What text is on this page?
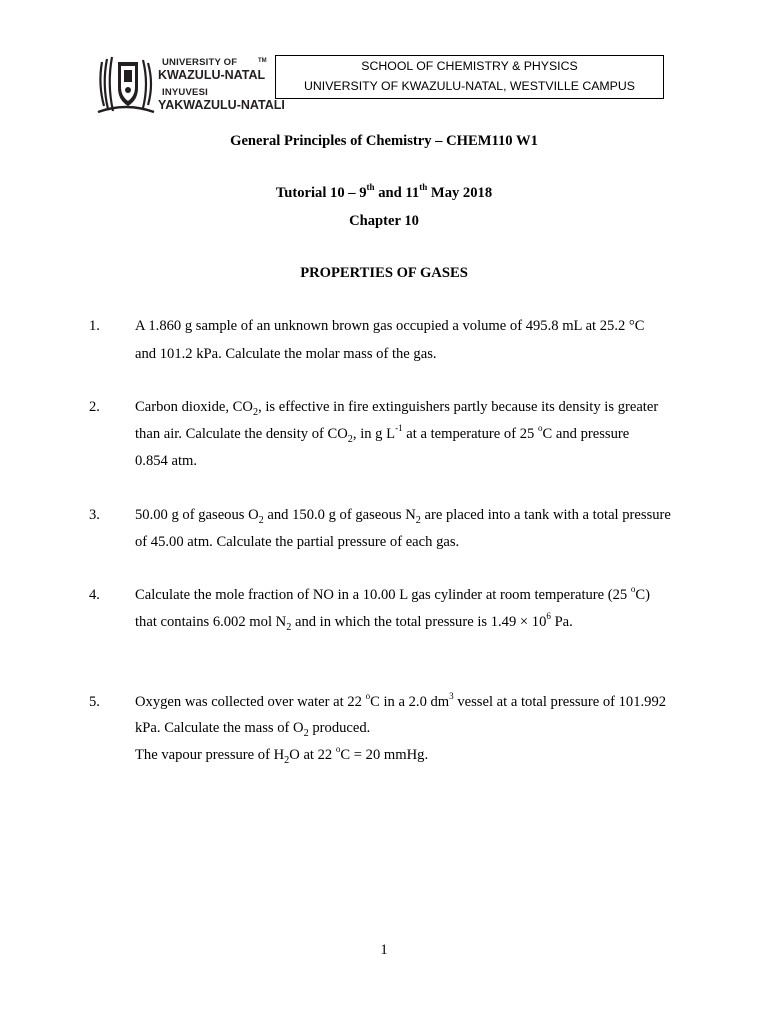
UNIVERSITY OF
KWAZULU-NATAL
INYUVESI
YAKWAZULU-NATALI
TM	SCHOOL OF CHEMISTRY & PHYSICS
UNIVERSITY OF KWAZULU-NATAL, WESTVILLE CAMPUS
General Principles of Chemistry – CHEM110 W1
Tutorial 10 – 9th and 11th May 2018
Chapter 10
PROPERTIES OF GASES
1. A 1.860 g sample of an unknown brown gas occupied a volume of 495.8 mL at 25.2 °C
and 101.2 kPa. Calculate the molar mass of the gas.
2. Carbon dioxide, $CO_2$, is effective in fire extinguishers partly because its density is greater
than air. Calculate the density of $CO_2$, in g $L^{-1}$ at a temperature of 25 $^o$C and pressure
0.854 atm.
3. 50.00 g of gaseous $O_2$ and 150.0 g of gaseous $N_2$ are placed into a tank with a total pressure
of 45.00 atm. Calculate the partial pressure of each gas.
4. Calculate the mole fraction of NO in a 10.00 L gas cylinder at room temperature (25 $^o$C)
that contains 6.002 mol $N_2$ and in which the total pressure is $1.49 \times 10^6$ Pa.
5. Oxygen was collected over water at 22 $^o$C in a 2.0 $dm^3$ vessel at a total pressure of 101.992
kPa. Calculate the mass of $O_2$ produced.
The vapour pressure of $H_2O$ at 22 $^o$C = 20 mmHg.
1
